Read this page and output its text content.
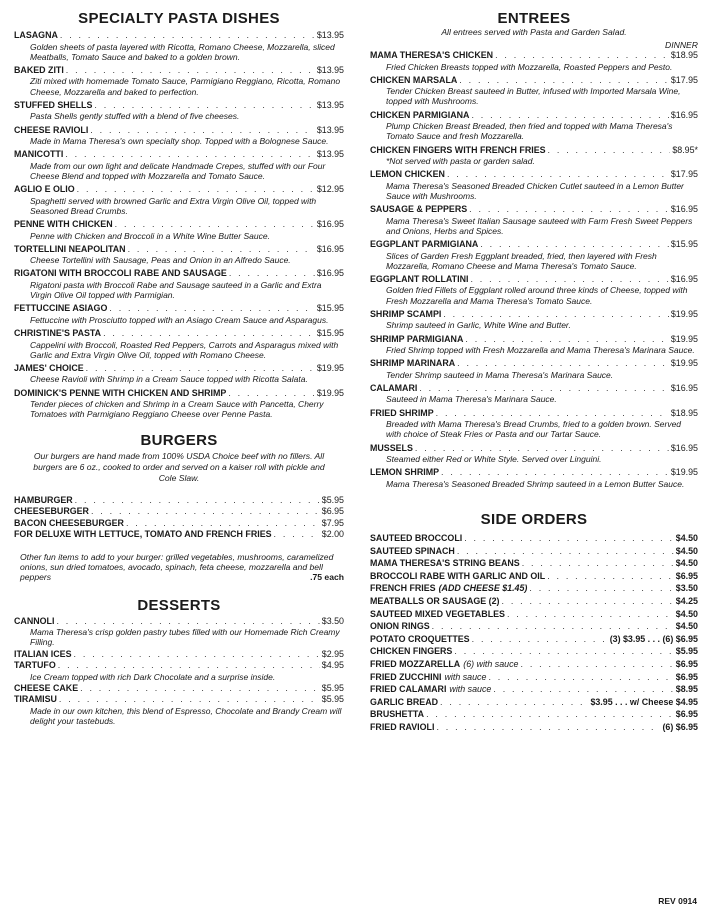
SPECIALTY PASTA DISHES
LASAGNA . . .	$13.95
Golden sheets of pasta layered with Ricotta, Romano Cheese, Mozzarella, sliced Meatballs, Tomato Sauce and baked to a golden brown.
BAKED ZITI . . .	$13.95
Ziti mixed with homemade Tomato Sauce, Parmigiano Reggiano, Ricotta, Romano Cheese, Mozzarella and baked to perfection.
STUFFED SHELLS . . .	$13.95
Pasta Shells gently stuffed with a blend of five cheeses.
CHEESE RAVIOLI . . .	$13.95
Made in Mama Theresa's own specialty shop. Topped with a Bolognese Sauce.
MANICOTTI . . .	$13.95
Made from our own light and delicate Handmade Crepes, stuffed with our Four Cheese Blend and topped with Mozzarella and Tomato Sauce.
AGLIO E OLIO . . .	$12.95
Spaghetti served with browned Garlic and Extra Virgin Olive Oil, topped with Seasoned Bread Crumbs.
PENNE WITH CHICKEN . . .	$16.95
Penne with Chicken and Broccoli in a White Wine Butter Sauce.
TORTELLINI NEAPOLITAN . . .	$16.95
Cheese Tortellini with Sausage, Peas and Onion in an Alfredo Sauce.
RIGATONI WITH BROCCOLI RABE AND SAUSAGE . . .	$16.95
Rigatoni pasta with Broccoli Rabe and Sausage sauteed in a Garlic and Extra Virgin Olive Oil topped with Parmigian.
FETTUCCINE ASIAGO . . .	$15.95
Fettuccine with Prosciutto topped with an Asiago Cream Sauce and Asparagus.
CHRISTINE'S PASTA . . .	$15.95
Cappelini with Broccoli, Roasted Red Peppers, Carrots and Asparagus mixed with Garlic and Extra Virgin Olive Oil, topped with Romano Cheese.
JAMES' CHOICE . . .	$19.95
Cheese Ravioli with Shrimp in a Cream Sauce topped with Ricotta Salata.
DOMINICK'S PENNE WITH CHICKEN AND SHRIMP . . .	$19.95
Tender pieces of chicken and Shrimp in a Cream Sauce with Pancetta, Cherry Tomatoes with Parmigiano Reggiano Cheese over Penne Pasta.
BURGERS
Our burgers are hand made from 100% USDA Choice beef with no fillers. All burgers are 6 oz., cooked to order and served on a kaiser roll with pickle and Cole Slaw.
HAMBURGER . . .	$5.95
CHEESEBURGER . . .	$6.95
BACON CHEESEBURGER . . .	$7.95
FOR DELUXE WITH LETTUCE, TOMATO AND FRENCH FRIES . . .	$2.00
Other fun items to add to your burger: grilled vegetables, mushrooms, caramelized onions, sun dried tomatoes, avocado, spinach, feta cheese, mozzarella and bell peppers	.75 each
DESSERTS
CANNOLI . . .	$3.50
Mama Theresa's crisp golden pastry tubes filled with our Homemade Rich Creamy Filling.
ITALIAN ICES . . .	$2.95
TARTUFO . . .	$4.95
Ice Cream topped with rich Dark Chocolate and a surprise inside.
CHEESE CAKE . . .	$5.95
TIRAMISU . . .	$5.95
Made in our own kitchen, this blend of Espresso, Chocolate and Brandy Cream will delight your tastebuds.
ENTREES
All entrees served with Pasta and Garden Salad.
DINNER
MAMA THERESA'S CHICKEN . . .	$18.95
Fried Chicken Breasts topped with Mozzarella, Roasted Peppers and Pesto.
CHICKEN MARSALA . . .	$17.95
Tender Chicken Breast sauteed in Butter, infused with Imported Marsala Wine, topped with Mushrooms.
CHICKEN PARMIGIANA . . .	$16.95
Plump Chicken Breast Breaded, then fried and topped with Mama Theresa's Tomato Sauce and fresh Mozzarella.
CHICKEN FINGERS WITH FRENCH FRIES . . .	$8.95*
*Not served with pasta or garden salad.
LEMON CHICKEN . . .	$17.95
Mama Theresa's Seasoned Breaded Chicken Cutlet sauteed in a Lemon Butter Sauce with Mushrooms.
SAUSAGE & PEPPERS . . .	$16.95
Mama Theresa's Sweet Italian Sausage sauteed with Farm Fresh Sweet Peppers and Onions, Herbs and Spices.
EGGPLANT PARMIGIANA . . .	$15.95
Slices of Garden Fresh Eggplant breaded, fried, then layered with Fresh Mozzarella, Romano Cheese and Mama Theresa's Tomato Sauce.
EGGPLANT ROLLATINI . . .	$16.95
Golden fried Fillets of Eggplant rolled around three kinds of Cheese, topped with Fresh Mozzarella and Mama Theresa's Tomato Sauce.
SHRIMP SCAMPI . . .	$19.95
Shrimp sauteed in Garlic, White Wine and Butter.
SHRIMP PARMIGIANA . . .	$19.95
Fried Shrimp topped with Fresh Mozzarella and Mama Theresa's Marinara Sauce.
SHRIMP MARINARA . . .	$19.95
Tender Shrimp sauteed in Mama Theresa's Marinara Sauce.
CALAMARI . . .	$16.95
Sauteed in Mama Theresa's Marinara Sauce.
FRIED SHRIMP . . .	$18.95
Breaded with Mama Theresa's Bread Crumbs, fried to a golden brown. Served with choice of Steak Fries or Pasta and our Tartar Sauce.
MUSSELS . . .	$16.95
Steamed either Red or White Style. Served over Linguini.
LEMON SHRIMP . . .	$19.95
Mama Theresa's Seasoned Breaded Shrimp sauteed in a Lemon Butter Sauce.
SIDE ORDERS
SAUTEED BROCCOLI . . .	$4.50
SAUTEED SPINACH . . .	$4.50
MAMA THERESA'S STRING BEANS . . .	$4.50
BROCCOLI RABE WITH GARLIC AND OIL . . .	$6.95
FRENCH FRIES (ADD CHEESE $1.45) . . .	$3.50
MEATBALLS OR SAUSAGE (2) . . .	$4.25
SAUTEED MIXED VEGETABLES . . .	$4.50
ONION RINGS . . .	$4.50
POTATO CROQUETTES . . .	(3) $3.95 . . . (6) $6.95
CHICKEN FINGERS . . .	$5.95
FRIED MOZZARELLA (6) with sauce . . .	$6.95
FRIED ZUCCHINI with sauce . . .	$6.95
FRIED CALAMARI with sauce . . .	$8.95
GARLIC BREAD . . .	$3.95 . . . w/ Cheese $4.95
BRUSHETTA . . .	$6.95
FRIED RAVIOLI . . .	(6) $6.95
REV 0914
